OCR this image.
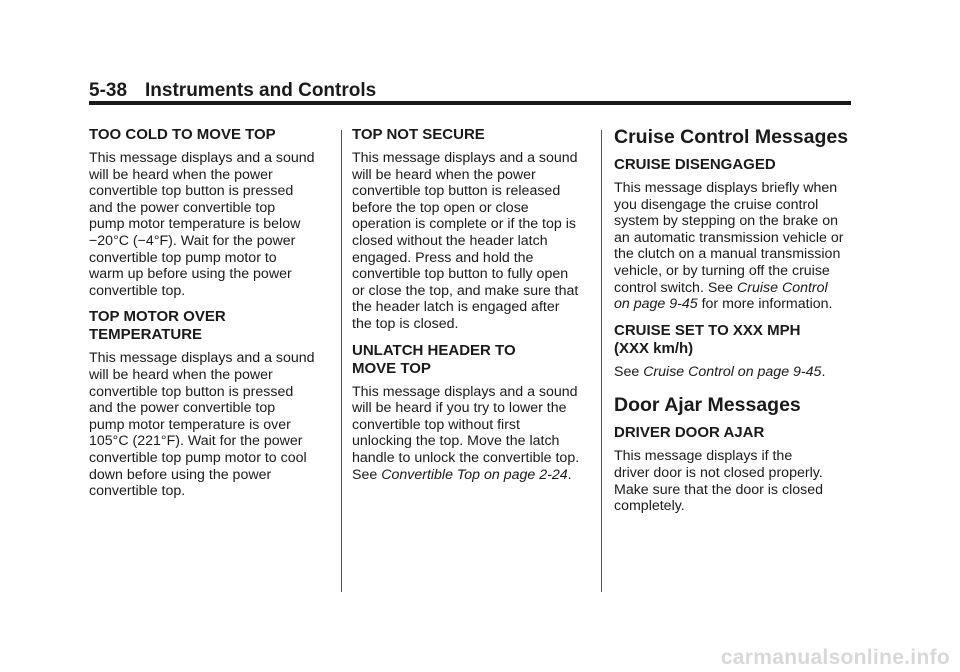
5-38 Instruments and Controls
TOO COLD TO MOVE TOP

This message displays and a sound
will be heard when the power
convertible top button is pressed
and the power convertible top
pump motor temperature is below
−20°C (−4°F). Wait for the power
convertible top pump motor to
warm up before using the power
convertible top.

TOP MOTOR OVER
TEMPERATURE

This message displays and a sound
will be heard when the power
convertible top button is pressed
and the power convertible top
pump motor temperature is over
105°C (221°F). Wait for the power
convertible top pump motor to cool
down before using the power
convertible top.

TOP NOT SECURE

This message displays and a sound
will be heard when the power
convertible top button is released
before the top open or close
operation is complete or if the top is
closed without the header latch
engaged. Press and hold the
convertible top button to fully open
or close the top, and make sure that
the header latch is engaged after
the top is closed.

UNLATCH HEADER TO
MOVE TOP

This message displays and a sound
will be heard if you try to lower the
convertible top without first
unlocking the top. Move the latch
handle to unlock the convertible top.
See Convertible Top on page 2-24.

Cruise Control Messages
CRUISE DISENGAGED

This message displays briefly when
you disengage the cruise control
system by stepping on the brake on
an automatic transmission vehicle or
the clutch on a manual transmission
vehicle, or by turning off the cruise
control switch. See Cruise Control
on page 9-45 for more information.

CRUISE SET TO XXX MPH
(XXX km/h)

See Cruise Control on page 9-45.

Door Ajar Messages
DRIVER DOOR AJAR

This message displays if the
driver door is not closed properly.
Make sure that the door is closed
completely.

carmanualsonline.info
